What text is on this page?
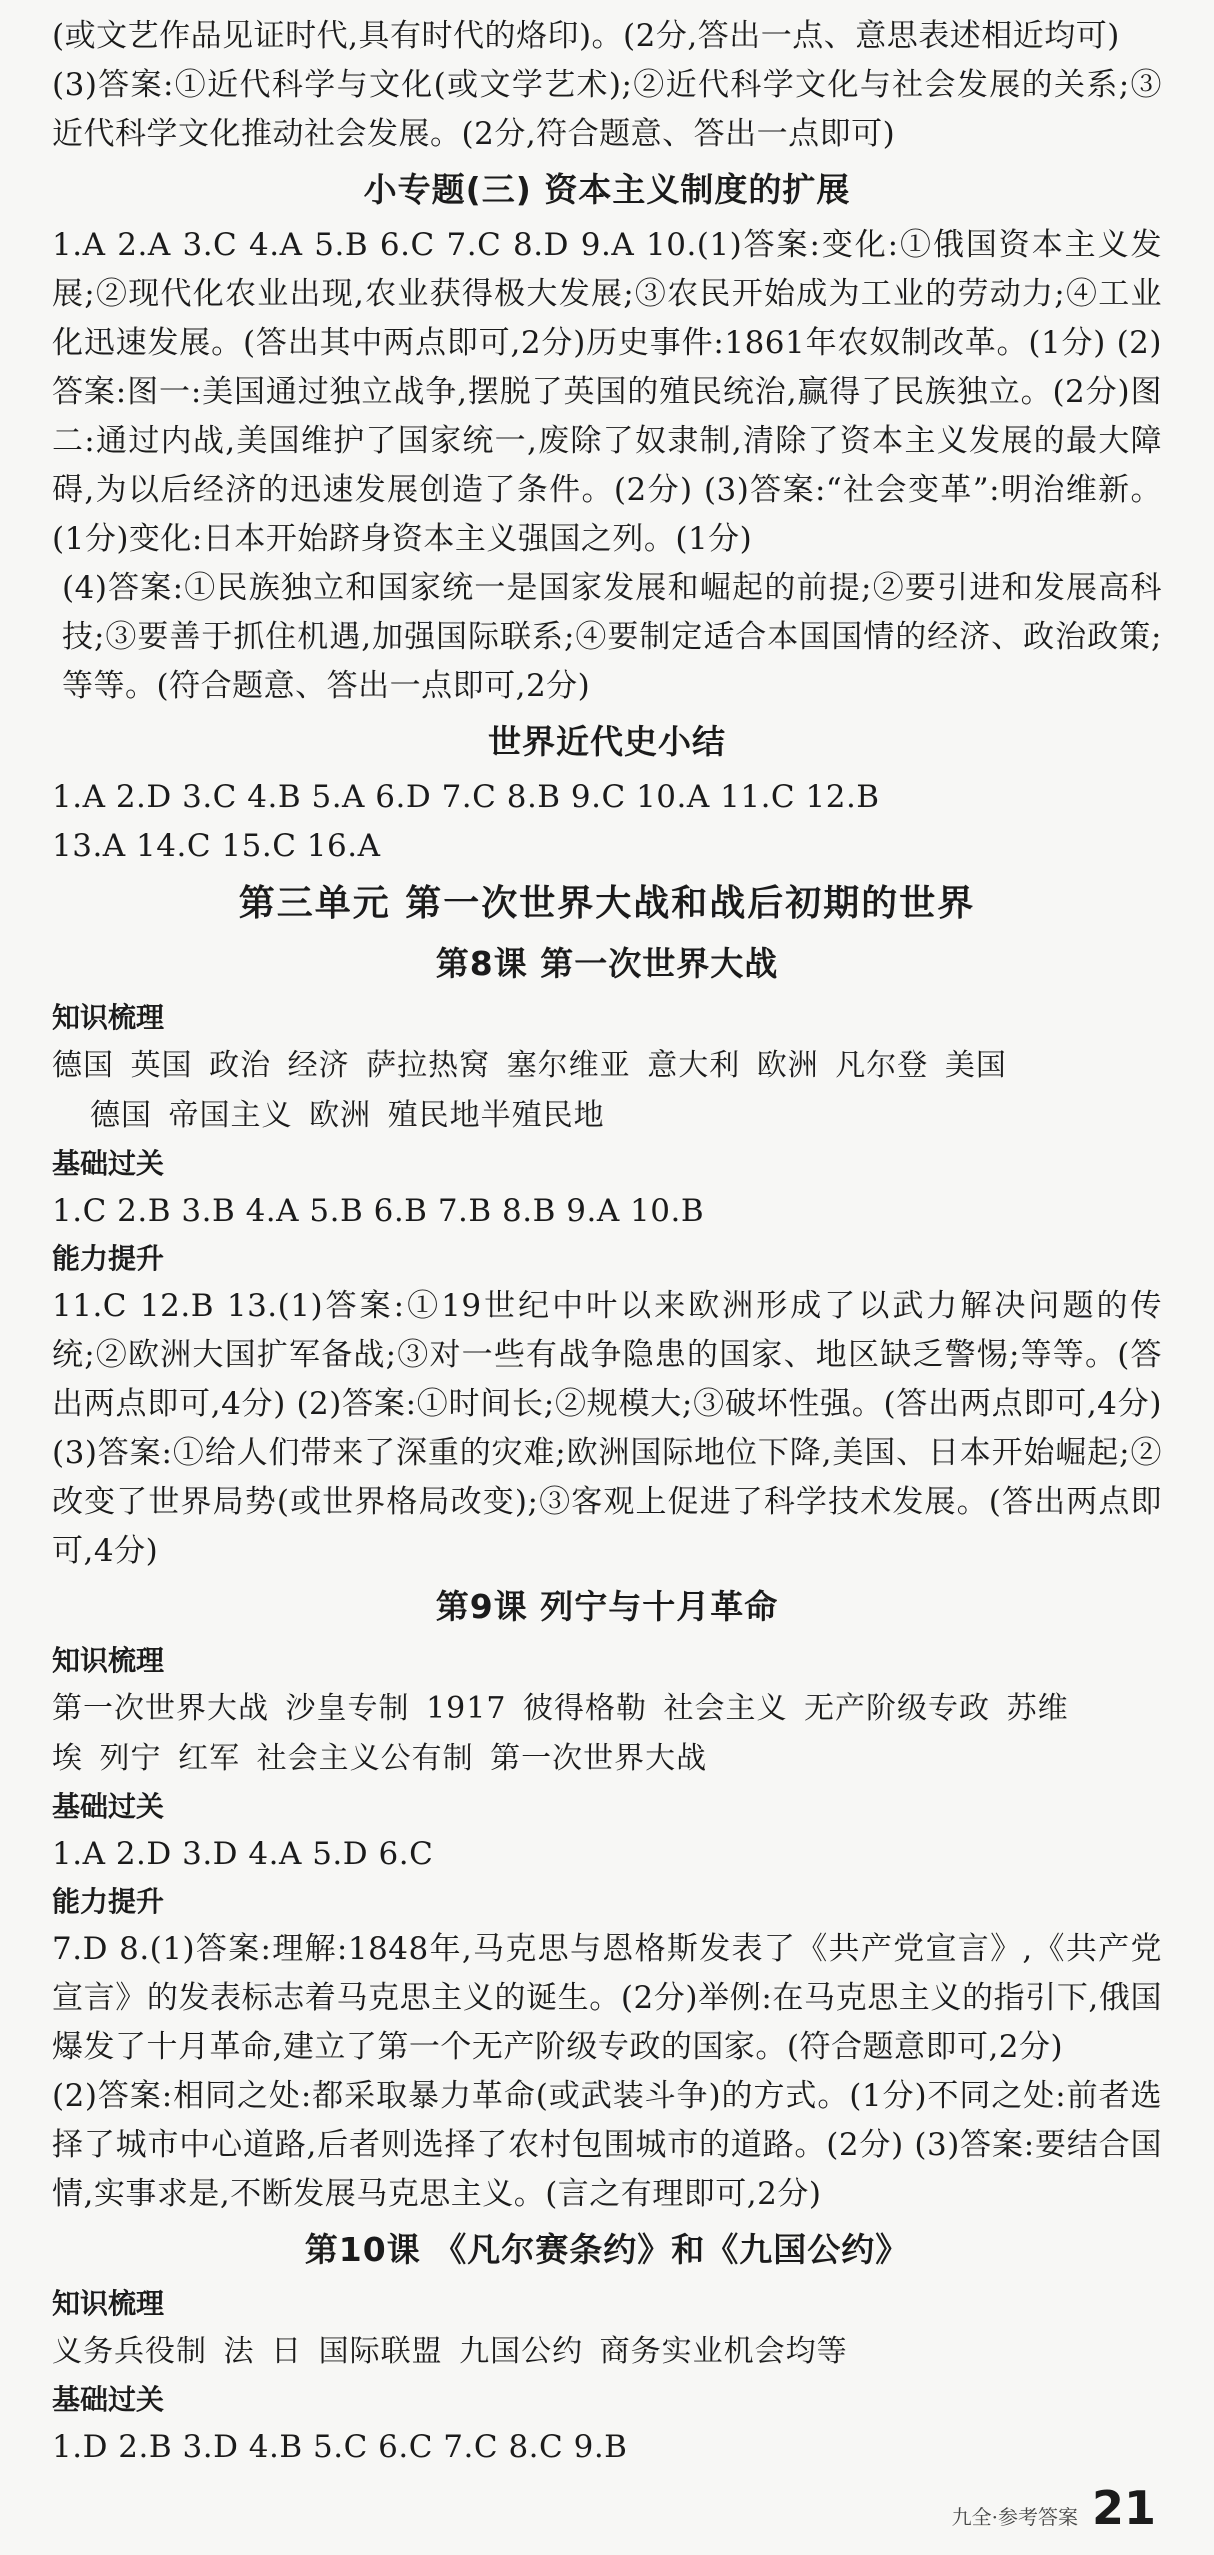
(或文艺作品见证时代,具有时代的烙印)。(2分,答出一点、意思表述相近均可)

(3)答案:①近代科学与文化(或文学艺术);②近代科学文化与社会发展的关系;③近代科学文化推动社会发展。(2分,符合题意、答出一点即可)

小专题(三) 资本主义制度的扩展

1.A 2.A 3.C 4.A 5.B 6.C 7.C 8.D 9.A 10.(1)答案:变化:①俄国资本主义发展;②现代化农业出现,农业获得极大发展;③农民开始成为工业的劳动力;④工业化迅速发展。(答出其中两点即可,2分)历史事件:1861年农奴制改革。(1分) (2)答案:图一:美国通过独立战争,摆脱了英国的殖民统治,赢得了民族独立。(2分)图二:通过内战,美国维护了国家统一,废除了奴隶制,清除了资本主义发展的最大障碍,为以后经济的迅速发展创造了条件。(2分) (3)答案:“社会变革”:明治维新。(1分)变化:日本开始跻身资本主义强国之列。(1分)

(4)答案:①民族独立和国家统一是国家发展和崛起的前提;②要引进和发展高科技;③要善于抓住机遇,加强国际联系;④要制定适合本国国情的经济、政治政策;等等。(符合题意、答出一点即可,2分)

世界近代史小结

1.A 2.D 3.C 4.B 5.A 6.D 7.C 8.B 9.C 10.A 11.C 12.B

13.A 14.C 15.C 16.A

第三单元 第一次世界大战和战后初期的世界
第8课 第一次世界大战
知识梳理

德国 英国 政治 经济 萨拉热窝 塞尔维亚 意大利 欧洲 凡尔登 美国

德国 帝国主义 欧洲 殖民地半殖民地

基础过关

1.C 2.B 3.B 4.A 5.B 6.B 7.B 8.B 9.A 10.B

能力提升

11.C 12.B 13.(1)答案:①19世纪中叶以来欧洲形成了以武力解决问题的传统;②欧洲大国扩军备战;③对一些有战争隐患的国家、地区缺乏警惕;等等。(答出两点即可,4分) (2)答案:①时间长;②规模大;③破坏性强。(答出两点即可,4分) (3)答案:①给人们带来了深重的灾难;欧洲国际地位下降,美国、日本开始崛起;②改变了世界局势(或世界格局改变);③客观上促进了科学技术发展。(答出两点即可,4分)

第9课 列宁与十月革命
知识梳理

第一次世界大战 沙皇专制 1917 彼得格勒 社会主义 无产阶级专政 苏维

埃 列宁 红军 社会主义公有制 第一次世界大战

基础过关

1.A 2.D 3.D 4.A 5.D 6.C

能力提升

7.D 8.(1)答案:理解:1848年,马克思与恩格斯发表了《共产党宣言》,《共产党宣言》的发表标志着马克思主义的诞生。(2分)举例:在马克思主义的指引下,俄国爆发了十月革命,建立了第一个无产阶级专政的国家。(符合题意即可,2分)

(2)答案:相同之处:都采取暴力革命(或武装斗争)的方式。(1分)不同之处:前者选择了城市中心道路,后者则选择了农村包围城市的道路。(2分) (3)答案:要结合国情,实事求是,不断发展马克思主义。(言之有理即可,2分)

第10课 《凡尔赛条约》和《九国公约》
知识梳理

义务兵役制 法 日 国际联盟 九国公约 商务实业机会均等

基础过关

1.D 2.B 3.D 4.B 5.C 6.C 7.C 8.C 9.B

九全·参考答案 21
